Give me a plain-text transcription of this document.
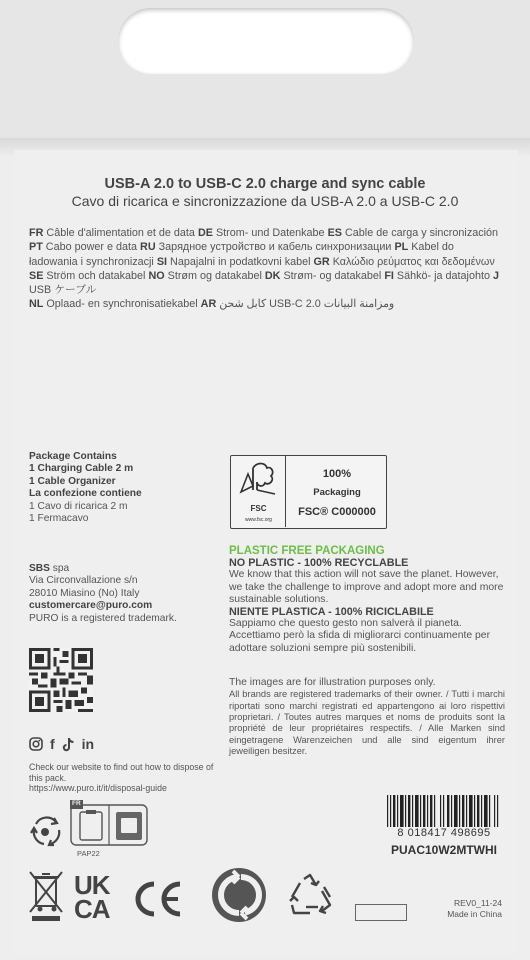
USB-A 2.0 to USB-C 2.0 charge and sync cable
Cavo di ricarica e sincronizzazione da USB-A 2.0 a USB-C 2.0
FR Câble d'alimentation et de data DE Strom- und Datenkabe ES Cable de carga y sincronización PT Cabo power e data RU Зарядное устройство и кабель синхронизации PL Kabel do ładowania i synchronizacji SI Napajalni in podatkovni kabel GR Καλώδιο ρεύματος και δεδομένων SE Ström och datakabel NO Strøm og datakabel DK Strøm- og datakabel FI Sähkö- ja datajohto J USB ケーブル
NL Oplaad- en synchronisatiekabel AR كابل شحن USB-C 2.0 ومزامنة البيانات
Package Contains
1 Charging Cable 2 m
1 Cable Organizer
La confezione contiene
1 Cavo di ricarica 2 m
1 Fermacavo
SBS spa
Via Circonvallazione s/n
28010 Miasino (No) Italy
customercare@puro.com
PURO is a registered trademark.
FSC
www.fsc.org
100%
Packaging
FSC® C000000
PLASTIC FREE PACKAGING
NO PLASTIC - 100% RECYCLABLE
We know that this action will not save the planet. However, we take the challenge to improve and adopt more and more sustainable solutions.
NIENTE PLASTICA - 100% RICICLABILE
Sappiamo che questo gesto non salverà il pianeta. Accettiamo però la sfida di migliorarci continuamente per adottare soluzioni sempre più sostenibili.
The images are for illustration purposes only.
All brands are registered trademarks of their owner. / Tutti i marchi riportati sono marchi registrati ed appartengono ai loro rispettivi proprietari. / Toutes autres marques et noms de produits sont la propriété de leur propriétaires respectifs. / Alle Marken sind eingetragene Warenzeichen und alle sind eigentum ihrer jeweiligen besitzer.
f in
Check our website to find out how to dispose of this pack.
https://www.puro.it/it/disposal-guide
FR
PAP22
UK
CA
8 018417 498695
PUAC10W2MTWHI
REV0_11-24
Made in China
